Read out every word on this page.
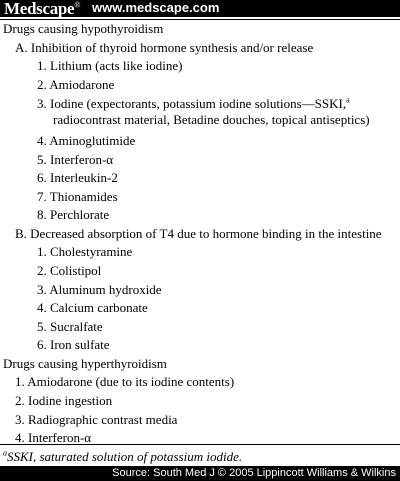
Medscape® www.medscape.com
Drugs causing hypothyroidism
A. Inhibition of thyroid hormone synthesis and/or release
1. Lithium (acts like iodine)
2. Amiodarone
3. Iodine (expectorants, potassium iodine solutions—SSKI,$^a$
radiocontrast material, Betadine douches, topical antiseptics)
4. Aminoglutimide
5. Interferon-α
6. Interleukin-2
7. Thionamides
8. Perchlorate
B. Decreased absorption of T4 due to hormone binding in the intestine
1. Cholestyramine
2. Colistipol
3. Aluminum hydroxide
4. Calcium carbonate
5. Sucralfate
6. Iron sulfate
Drugs causing hyperthyroidism
1. Amiodarone (due to its iodine contents)
2. Iodine ingestion
3. Radiographic contrast media
4. Interferon-α
$^a$SSKI, saturated solution of potassium iodide.
Source: South Med J © 2005 Lippincott Williams & Wilkins
